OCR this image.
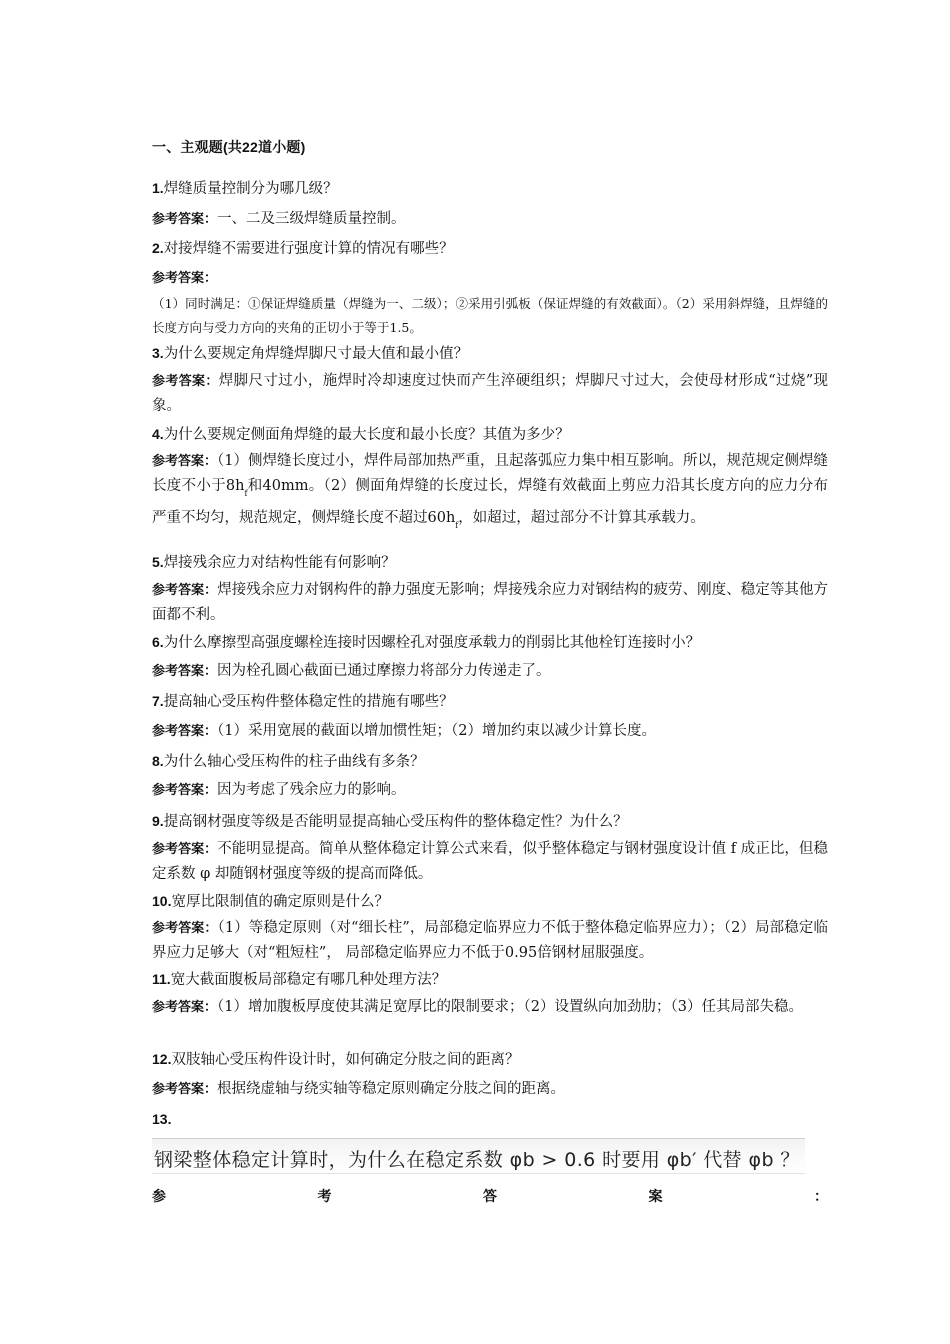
一、主观题(共22道小题)
1.焊缝质量控制分为哪几级？
参考答案：一、二及三级焊缝质量控制。
2.对接焊缝不需要进行强度计算的情况有哪些？
参考答案：
（1）同时满足：①保证焊缝质量（焊缝为一、二级）；②采用引弧板（保证焊缝的有效截面）。（2）采用斜焊缝，且焊缝的长度方向与受力方向的夹角的正切小于等于1.5。
3.为什么要规定角焊缝焊脚尺寸最大值和最小值？
参考答案：焊脚尺寸过小，施焊时冷却速度过快而产生淬硬组织；焊脚尺寸过大，会使母材形成“过烧”现象。
4.为什么要规定侧面角焊缝的最大长度和最小长度？其值为多少？
参考答案：（1）侧焊缝长度过小，焊件局部加热严重，且起落弧应力集中相互影响。所以，规范规定侧焊缝长度不小于$8h_f$和40mm。（2）侧面角焊缝的长度过长，焊缝有效截面上剪应力沿其长度方向的应力分布严重不均匀，规范规定，侧焊缝长度不超过$60h_f$，如超过，超过部分不计算其承载力。
5.焊接残余应力对结构性能有何影响？
参考答案：焊接残余应力对钢构件的静力强度无影响；焊接残余应力对钢结构的疲劳、刚度、稳定等其他方面都不利。
6.为什么摩擦型高强度螺栓连接时因螺栓孔对强度承载力的削弱比其他栓钉连接时小？
参考答案：因为栓孔圆心截面已通过摩擦力将部分力传递走了。
7.提高轴心受压构件整体稳定性的措施有哪些？
参考答案：（1）采用宽展的截面以增加惯性矩；（2）增加约束以减少计算长度。
8.为什么轴心受压构件的柱子曲线有多条？
参考答案：因为考虑了残余应力的影响。
9.提高钢材强度等级是否能明显提高轴心受压构件的整体稳定性？为什么？
参考答案：不能明显提高。简单从整体稳定计算公式来看，似乎整体稳定与钢材强度设计值 f 成正比，但稳定系数 φ 却随钢材强度等级的提高而降低。
10.宽厚比限制值的确定原则是什么？
参考答案：（1）等稳定原则（对“细长柱”，局部稳定临界应力不低于整体稳定临界应力）；（2）局部稳定临界应力足够大（对“粗短柱”， 局部稳定临界应力不低于0.95倍钢材屈服强度。
11.宽大截面腹板局部稳定有哪几种处理方法？
参考答案：（1）增加腹板厚度使其满足宽厚比的限制要求；（2）设置纵向加劲肋；（3）任其局部失稳。
12.双肢轴心受压构件设计时，如何确定分肢之间的距离？
参考答案：根据绕虚轴与绕实轴等稳定原则确定分肢之间的距离。
13.
钢梁整体稳定计算时，为什么在稳定系数 φb > 0.6 时要用 φb′ 代替 φb ？
参	考	答	案	：
